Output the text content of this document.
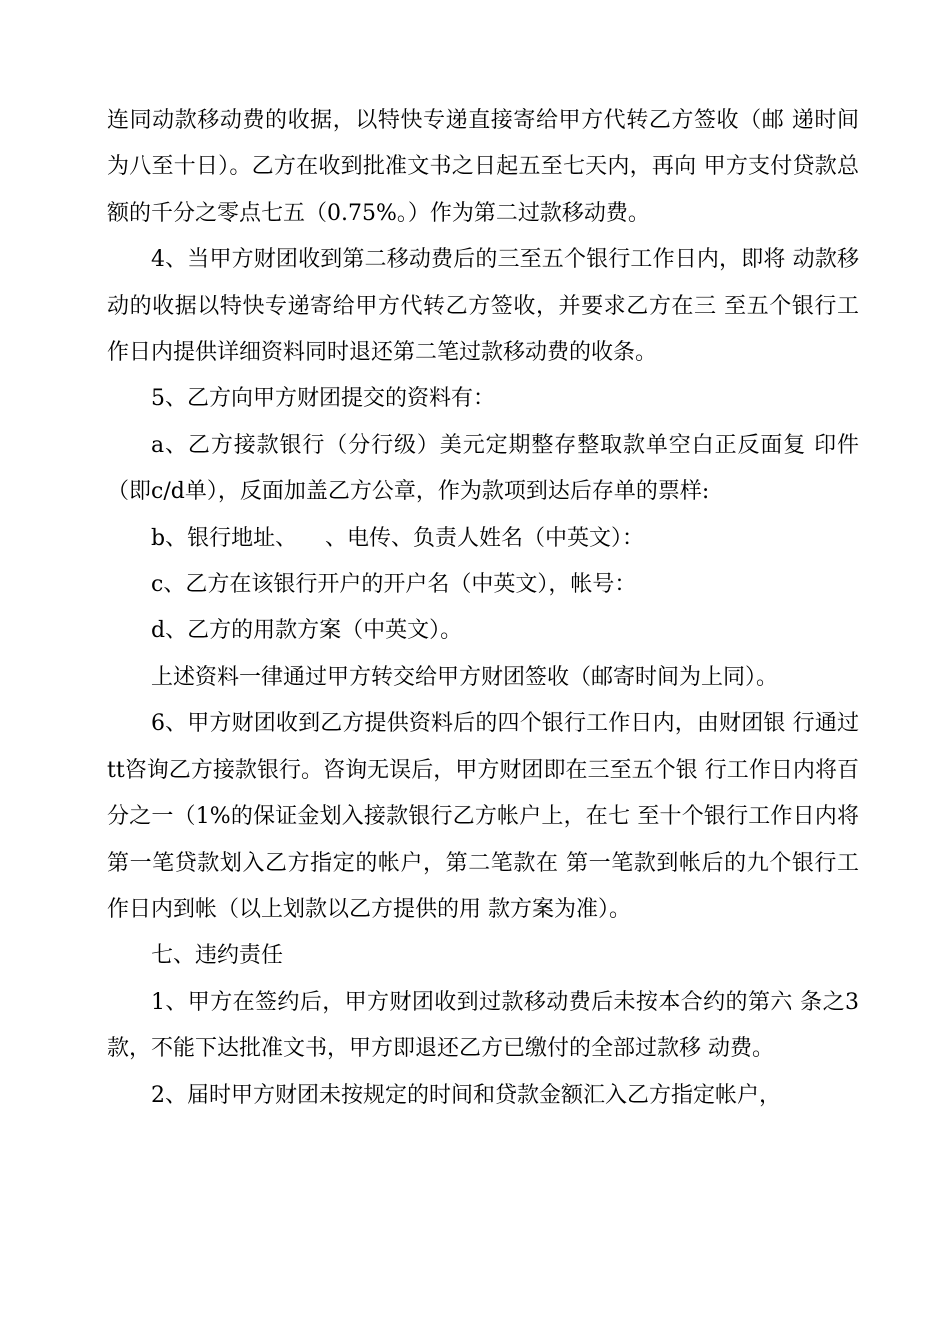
连同动款移动费的收据，以特快专递直接寄给甲方代转乙方签收（邮 递时间为八至十日）。乙方在收到批准文书之日起五至七天内，再向 甲方支付贷款总额的千分之零点七五（0.75%。）作为第二过款移动费。

4、当甲方财团收到第二移动费后的三至五个银行工作日内，即将 动款移动的收据以特快专递寄给甲方代转乙方签收，并要求乙方在三 至五个银行工作日内提供详细资料同时退还第二笔过款移动费的收条。

5、乙方向甲方财团提交的资料有：

a、乙方接款银行（分行级）美元定期整存整取款单空白正反面复 印件（即c/d单），反面加盖乙方公章，作为款项到达后存单的票样:

b、银行地址、    、电传、负责人姓名（中英文）：

c、乙方在该银行开户的开户名（中英文），帐号：

d、乙方的用款方案（中英文）。

上述资料一律通过甲方转交给甲方财团签收（邮寄时间为上同）。

6、甲方财团收到乙方提供资料后的四个银行工作日内，由财团银 行通过tt咨询乙方接款银行。咨询无误后，甲方财团即在三至五个银 行工作日内将百分之一（1%的保证金划入接款银行乙方帐户上，在七 至十个银行工作日内将第一笔贷款划入乙方指定的帐户，第二笔款在 第一笔款到帐后的九个银行工作日内到帐（以上划款以乙方提供的用 款方案为准）。

七、违约责任

1、甲方在签约后，甲方财团收到过款移动费后未按本合约的第六 条之3款，不能下达批准文书，甲方即退还乙方已缴付的全部过款移 动费。

2、届时甲方财团未按规定的时间和贷款金额汇入乙方指定帐户，
